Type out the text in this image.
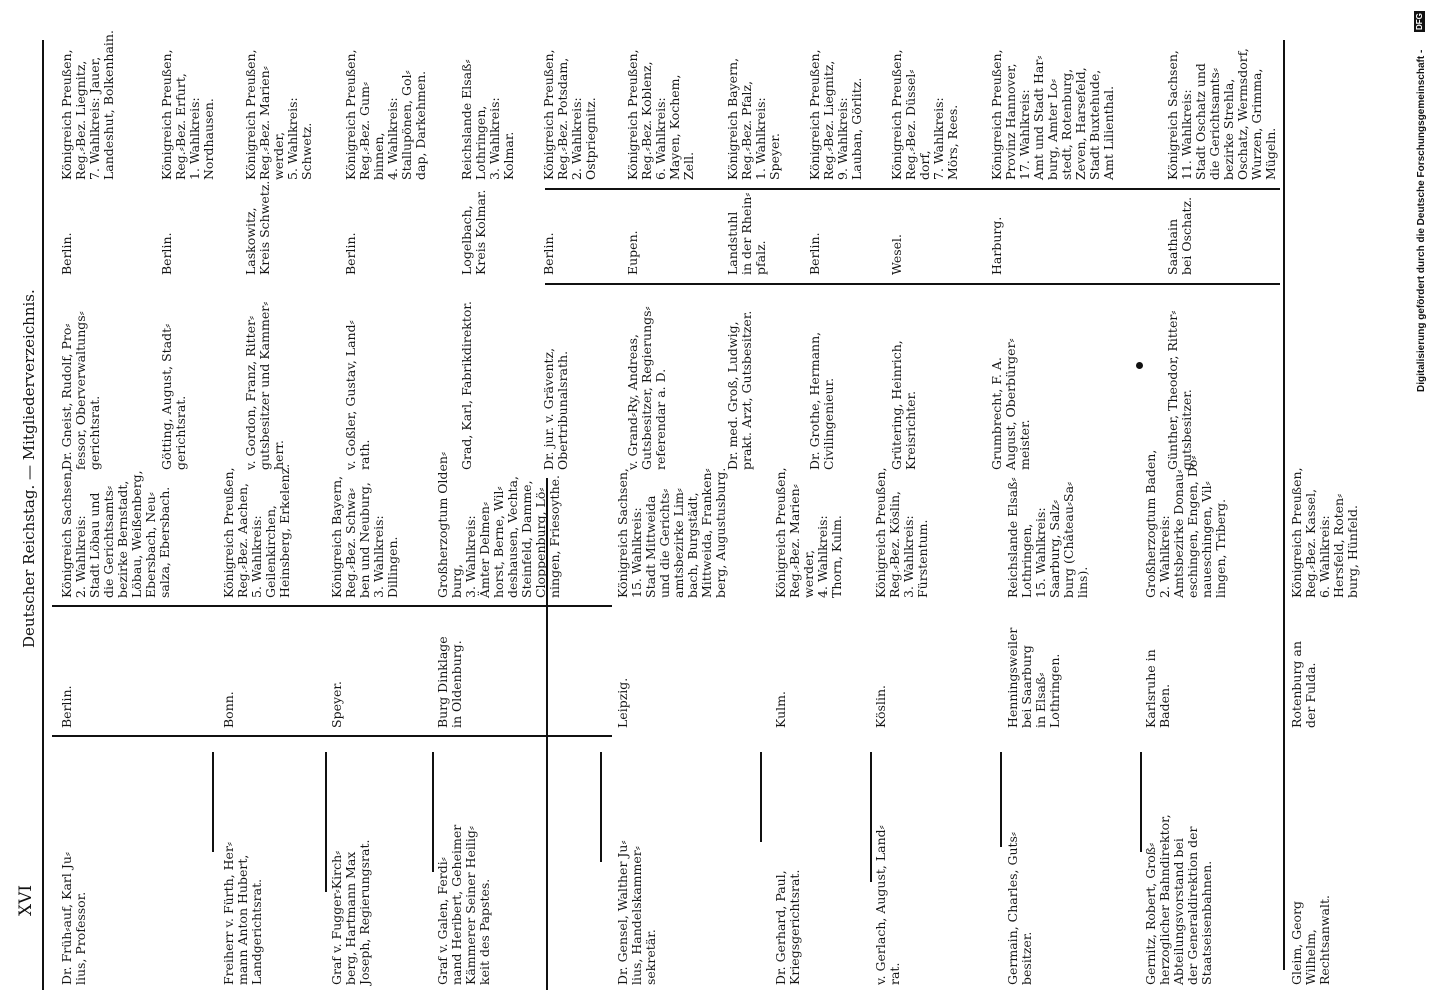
XVI
Deutscher Reichstag. — Mitgliederverzeichnis.
Dr. Früh⸗auf, Karl Ju⸗
lius, Professor.
Berlin.
Königreich Sachsen,
2. Wahlkreis:
Stadt Löbau und
die Gerichtsamts⸗
bezirke Bernstadt,
Löbau, Weißenberg,
Ebersbach, Neu⸗
salza, Ebersbach.
Freiherr v. Fürth, Her⸗
mann Anton Hubert,
Landgerichtsrat.
Bonn.
Königreich Preußen,
Reg.⸗Bez. Aachen,
5. Wahlkreis:
Geilenkirchen,
Heinsberg, Erkelenz.
Graf v. Fugger⸗Kirch⸗
berg, Hartmann Max
Joseph, Regierungsrat.
Speyer.
Königreich Bayern,
Reg.⸗Bez. Schwa⸗
ben und Neuburg,
3. Wahlkreis:
Dillingen.
Graf v. Galen, Ferdi⸗
nand Heribert, Geheimer
Kämmerer Seiner Heilig⸗
keit des Papstes.
Burg Dinklage
in Oldenburg.
Großherzogtum Olden⸗
burg,
3. Wahlkreis:
Ämter Delmen⸗
horst, Berne, Wil⸗
deshausen, Vechta,
Steinfeld, Damme,
Cloppenburg, Lö⸗
ningen, Friesoythe.
Dr. Gensel, Walther Ju⸗
lius, Handelskammer⸗
sekretär.
Leipzig.
Königreich Sachsen,
15. Wahlkreis:
Stadt Mittweida
und die Gerichts⸗
amtsbezirke Lim⸗
bach, Burgstädt,
Mittweida, Franken⸗
berg, Augustusburg.
Dr. Gerhard, Paul,
Kriegsgerichtsrat.
Kulm.
Königreich Preußen,
Reg.⸗Bez. Marien⸗
werder,
4. Wahlkreis:
Thorn, Kulm.
v. Gerlach, August, Land⸗
rat.
Köslin.
Königreich Preußen,
Reg.⸗Bez. Köslin,
3. Wahlkreis:
Fürstentum.
Germain, Charles, Guts⸗
besitzer.
Henningsweiler
bei Saarburg
in Elsaß⸗
Lothringen.
Reichslande Elsaß⸗
Lothringen,
15. Wahlkreis:
Saarburg, Salz⸗
burg (Château⸗Sa⸗
lins).
Gernitz, Robert, Groß⸗
herzoglicher Bahndirektor,
Abteilungsvorstand bei
der Generaldirektion der
Staatseisenbahnen.
Karlsruhe in
Baden.
Großherzogtum Baden,
2. Wahlkreis:
Amtsbezirke Donau⸗
eschingen, Engen, Do⸗
naueschingen, Vil⸗
lingen, Triberg.
Gleim, Georg Wilhelm,
Rechtsanwalt.
Rotenburg an
der Fulda.
Königreich Preußen,
Reg.⸗Bez. Kassel,
6. Wahlkreis:
Hersfeld, Roten⸗
burg, Hünfeld.
Dr. Gneist, Rudolf, Pro⸗
fessor, Oberverwaltungs⸗
gerichtsrat.
Berlin.
Königreich Preußen,
Reg.⸗Bez. Liegnitz,
7. Wahlkreis: Jauer,
Landeshut, Bolkenhain.
Götting, August, Stadt⸗
gerichtsrat.
Berlin.
Königreich Preußen,
Reg.⸗Bez. Erfurt,
1. Wahlkreis:
Nordhausen.
v. Gordon, Franz, Ritter⸗
gutsbesitzer und Kammer⸗
herr.
Laskowitz,
Kreis Schwetz.
Königreich Preußen,
Reg.⸗Bez. Marien⸗
werder,
5. Wahlkreis:
Schwetz.
v. Goßler, Gustav, Land⸗
rath.
Berlin.
Königreich Preußen,
Reg.⸗Bez. Gum⸗
binnen,
4. Wahlkreis:
Stallupönen, Gol⸗
dap, Darkehmen.
Grad, Karl, Fabrikdirektor.
Logelbach,
Kreis Kolmar.
Reichslande Elsaß⸗
Lothringen,
3. Wahlkreis:
Kolmar.
Dr. jur. v. Gräventz,
Obertribunalsrath.
Berlin.
Königreich Preußen,
Reg.⸗Bez. Potsdam,
2. Wahlkreis:
Ostpriegnitz.
v. Grand⸗Ry, Andreas,
Gutsbesitzer, Regierungs⸗
referendar a. D.
Eupen.
Königreich Preußen,
Reg.⸗Bez. Koblenz,
6. Wahlkreis:
Mayen, Kochem,
Zell.
Dr. med. Groß, Ludwig,
prakt. Arzt, Gutsbesitzer.
Landstuhl
in der Rhein⸗
pfalz.
Königreich Bayern,
Reg.⸗Bez. Pfalz,
1. Wahlkreis:
Speyer.
Dr. Grothe, Hermann,
Civilingenieur.
Berlin.
Königreich Preußen,
Reg.⸗Bez. Liegnitz,
9. Wahlkreis:
Lauban, Görlitz.
Grütering, Heinrich,
Kreisrichter.
Wesel.
Königreich Preußen,
Reg.⸗Bez. Düssel⸗
dorf,
7. Wahlkreis:
Mörs, Rees.
Grumbrecht, F. A.
August, Oberbürger⸗
meister.
Harburg.
Königreich Preußen,
Provinz Hannover,
17. Wahlkreis:
Amt und Stadt Har⸗
burg, Amter Lo⸗
stedt, Rotenburg,
Zeven, Harsefeld,
Stadt Buxtehude,
Amt Lilienthal.
Günther, Theodor, Ritter⸗
gutsbesitzer.
Saathain
bei Oschatz.
Königreich Sachsen,
11. Wahlkreis:
Stadt Oschatz und
die Gerichtsamts⸗
bezirke Strehla,
Oschatz, Wermsdorf,
Wurzen, Grimma,
Mügeln.	Digitalisierung gefördert durch die Deutsche Forschungsgemeinschaft -
DFG
